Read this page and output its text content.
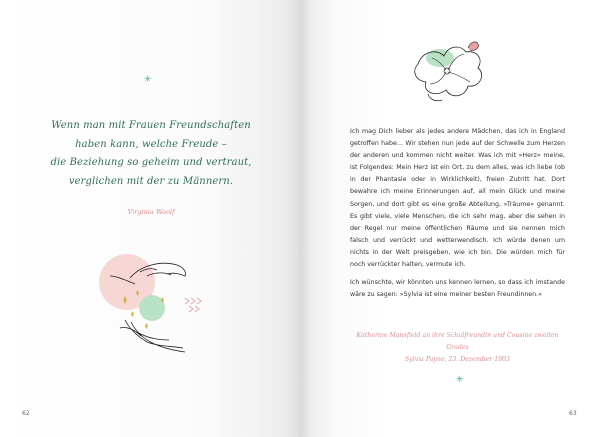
✳
Wenn man mit Frauen Freundschaften
haben kann, welche Freude –
die Beziehung so geheim und vertraut,
verglichen mit der zu Männern.
Virginia Woolf
62

Ich mag Dich lieber als jedes andere Mädchen, das ich in England getroffen habe… Wir stehen nun jede auf der Schwelle zum Herzen der anderen und kommen nicht weiter. Was ich mit »Herz« meine, ist Folgendes: Mein Herz ist ein Ort, zu dem alles, was ich liebe (ob in der Phantasie oder in Wirklichkeit), freien Zutritt hat. Dort bewahre ich meine Erinnerungen auf, all mein Glück und meine Sorgen, und dort gibt es eine große Abteilung, »Träume« genannt. Es gibt viele, viele Menschen, die ich sehr mag, aber die sehen in der Regel nur meine öffentlichen Räume und sie nennen mich falsch und verrückt und wetterwendisch. Ich würde denen um nichts in der Welt preisgeben, wie ich bin. Die würden mich für noch verrückter halten, vermute ich.

Ich wünschte, wir könnten uns kennen lernen, so dass ich imstande wäre zu sagen: »Sylvia ist eine meiner besten Freundinnen.«

Katherine Mansfield an ihre Schulfreundin und Cousine zweiten Grades
Sylvia Payne, 23. Dezember 1903
✳
63
